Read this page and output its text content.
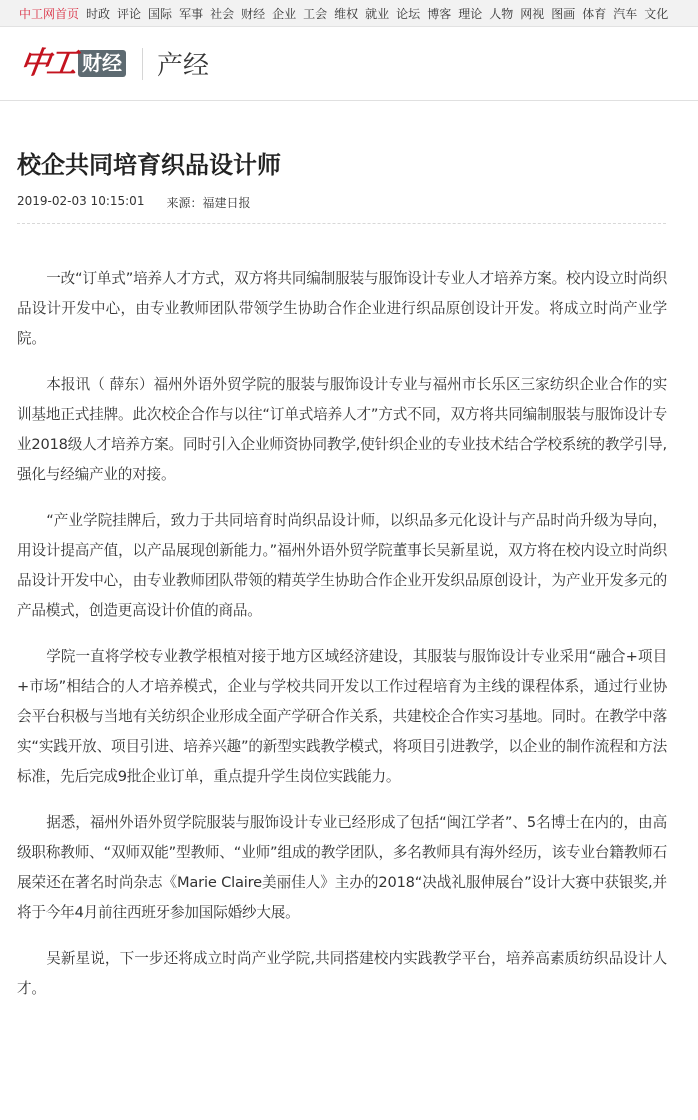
中工网首页 时政 评论 国际 军事 社会 财经 企业 工会 维权 就业 论坛 博客 理论 人物 网视 图画 体育 汽车 文化
中工 财经 产经
校企共同培育织品设计师
2019-02-03 10:15:01 来源：福建日报

一改“订单式”培养人才方式，双方将共同编制服装与服饰设计专业人才培养方案。校内设立时尚织品设计开发中心，由专业教师团队带领学生协助合作企业进行织品原创设计开发。将成立时尚产业学院。

本报讯（ 薛东）福州外语外贸学院的服装与服饰设计专业与福州市长乐区三家纺织企业合作的实训基地正式挂牌。此次校企合作与以往“订单式培养人才”方式不同，双方将共同编制服装与服饰设计专业2018级人才培养方案。同时引入企业师资协同教学,使针织企业的专业技术结合学校系统的教学引导,强化与经编产业的对接。

“产业学院挂牌后，致力于共同培育时尚织品设计师，以织品多元化设计与产品时尚升级为导向，用设计提高产值，以产品展现创新能力。”福州外语外贸学院董事长吴新星说，双方将在校内设立时尚织品设计开发中心，由专业教师团队带领的精英学生协助合作企业开发织品原创设计，为产业开发多元的产品模式，创造更高设计价值的商品。

学院一直将学校专业教学根植对接于地方区域经济建设，其服装与服饰设计专业采用“融合+项目+市场”相结合的人才培养模式，企业与学校共同开发以工作过程培育为主线的课程体系，通过行业协会平台积极与当地有关纺织企业形成全面产学研合作关系，共建校企合作实习基地。同时。在教学中落实“实践开放、项目引进、培养兴趣”的新型实践教学模式，将项目引进教学，以企业的制作流程和方法标准，先后完成9批企业订单，重点提升学生岗位实践能力。

据悉，福州外语外贸学院服装与服饰设计专业已经形成了包括“闽江学者”、5名博士在内的，由高级职称教师、“双师双能”型教师、“业师”组成的教学团队，多名教师具有海外经历，该专业台籍教师石展荣还在著名时尚杂志《Marie Claire美丽佳人》主办的2018“决战礼服伸展台”设计大赛中获银奖,并将于今年4月前往西班牙参加国际婚纱大展。

吴新星说，下一步还将成立时尚产业学院,共同搭建校内实践教学平台，培养高素质纺织品设计人才。
